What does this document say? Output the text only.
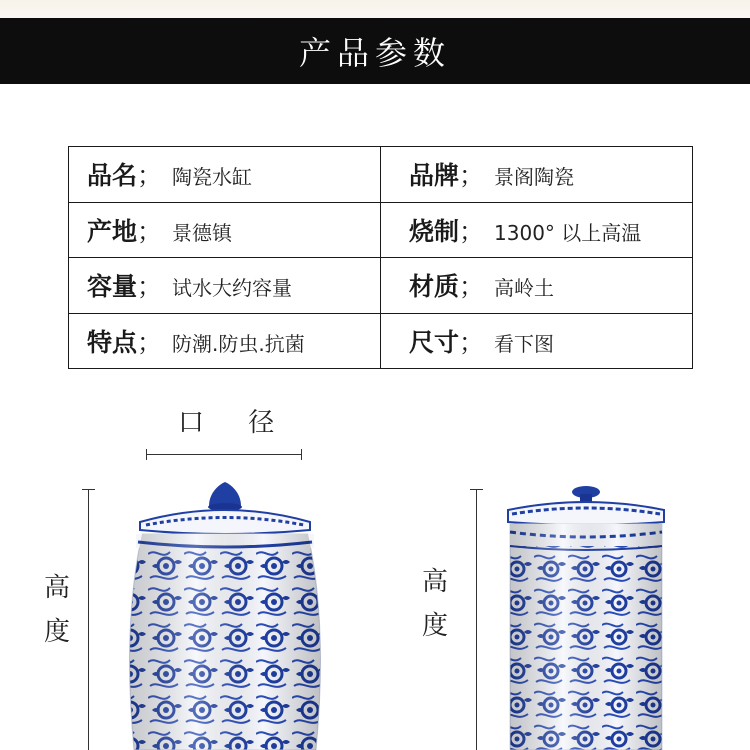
产品参数
品名； 陶瓷水缸	品牌； 景阁陶瓷
产地； 景德镇	烧制； 1300° 以上高温
容量； 试水大约容量	材质； 高岭土
特点； 防潮.防虫.抗菌	尺寸； 看下图
口 径
高
度
高
度
